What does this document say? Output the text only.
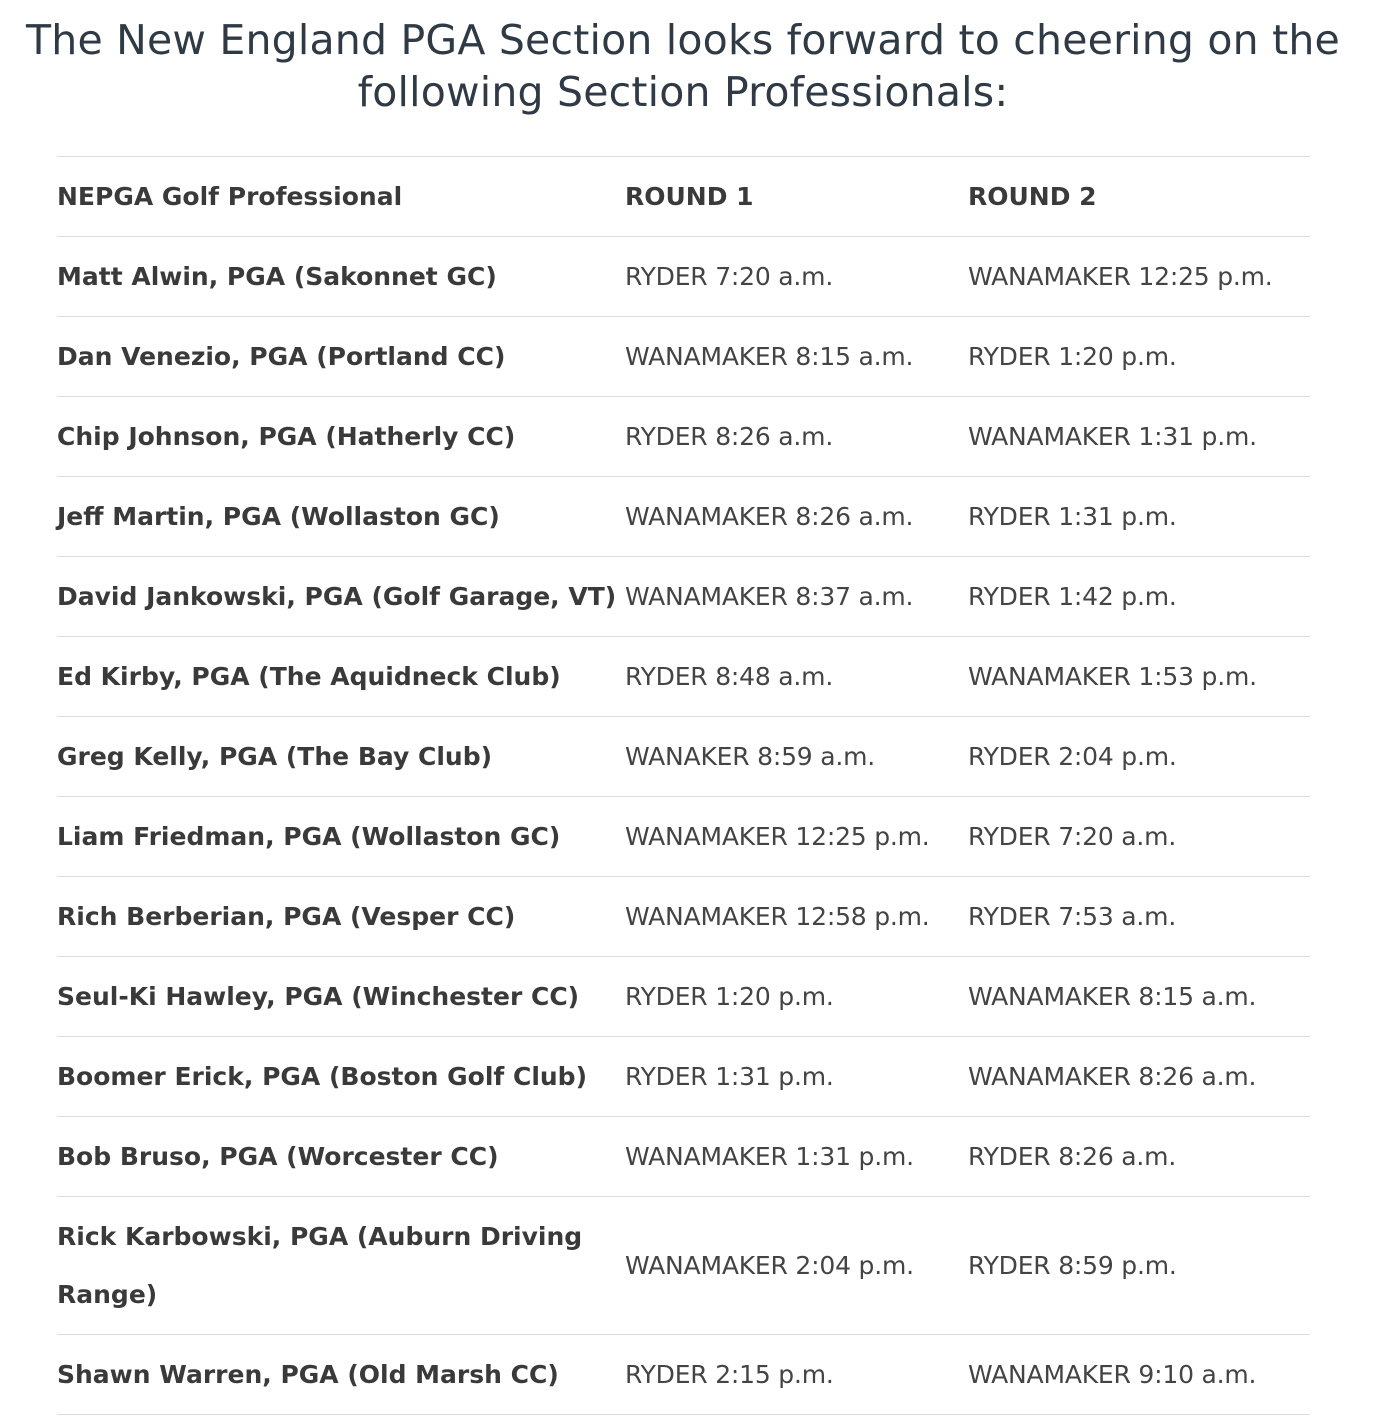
The New England PGA Section looks forward to cheering on the following Section Professionals:
NEPGA Golf Professional	ROUND 1	ROUND 2
Matt Alwin, PGA (Sakonnet GC)	RYDER 7:20 a.m.	WANAMAKER 12:25 p.m.
Dan Venezio, PGA (Portland CC)	WANAMAKER 8:15 a.m.	RYDER 1:20 p.m.
Chip Johnson, PGA (Hatherly CC)	RYDER 8:26 a.m.	WANAMAKER 1:31 p.m.
Jeff Martin, PGA (Wollaston GC)	WANAMAKER 8:26 a.m.	RYDER 1:31 p.m.
David Jankowski, PGA (Golf Garage, VT)	WANAMAKER 8:37 a.m.	RYDER 1:42 p.m.
Ed Kirby, PGA (The Aquidneck Club)	RYDER 8:48 a.m.	WANAMAKER 1:53 p.m.
Greg Kelly, PGA (The Bay Club)	WANAKER 8:59 a.m.	RYDER 2:04 p.m.
Liam Friedman, PGA (Wollaston GC)	WANAMAKER 12:25 p.m.	RYDER 7:20 a.m.
Rich Berberian, PGA (Vesper CC)	WANAMAKER 12:58 p.m.	RYDER 7:53 a.m.
Seul-Ki Hawley, PGA (Winchester CC)	RYDER 1:20 p.m.	WANAMAKER 8:15 a.m.
Boomer Erick, PGA (Boston Golf Club)	RYDER 1:31 p.m.	WANAMAKER 8:26 a.m.
Bob Bruso, PGA (Worcester CC)	WANAMAKER 1:31 p.m.	RYDER 8:26 a.m.
Rick Karbowski, PGA (Auburn Driving Range)	WANAMAKER 2:04 p.m.	RYDER 8:59 p.m.
Shawn Warren, PGA (Old Marsh CC)	RYDER 2:15 p.m.	WANAMAKER 9:10 a.m.
